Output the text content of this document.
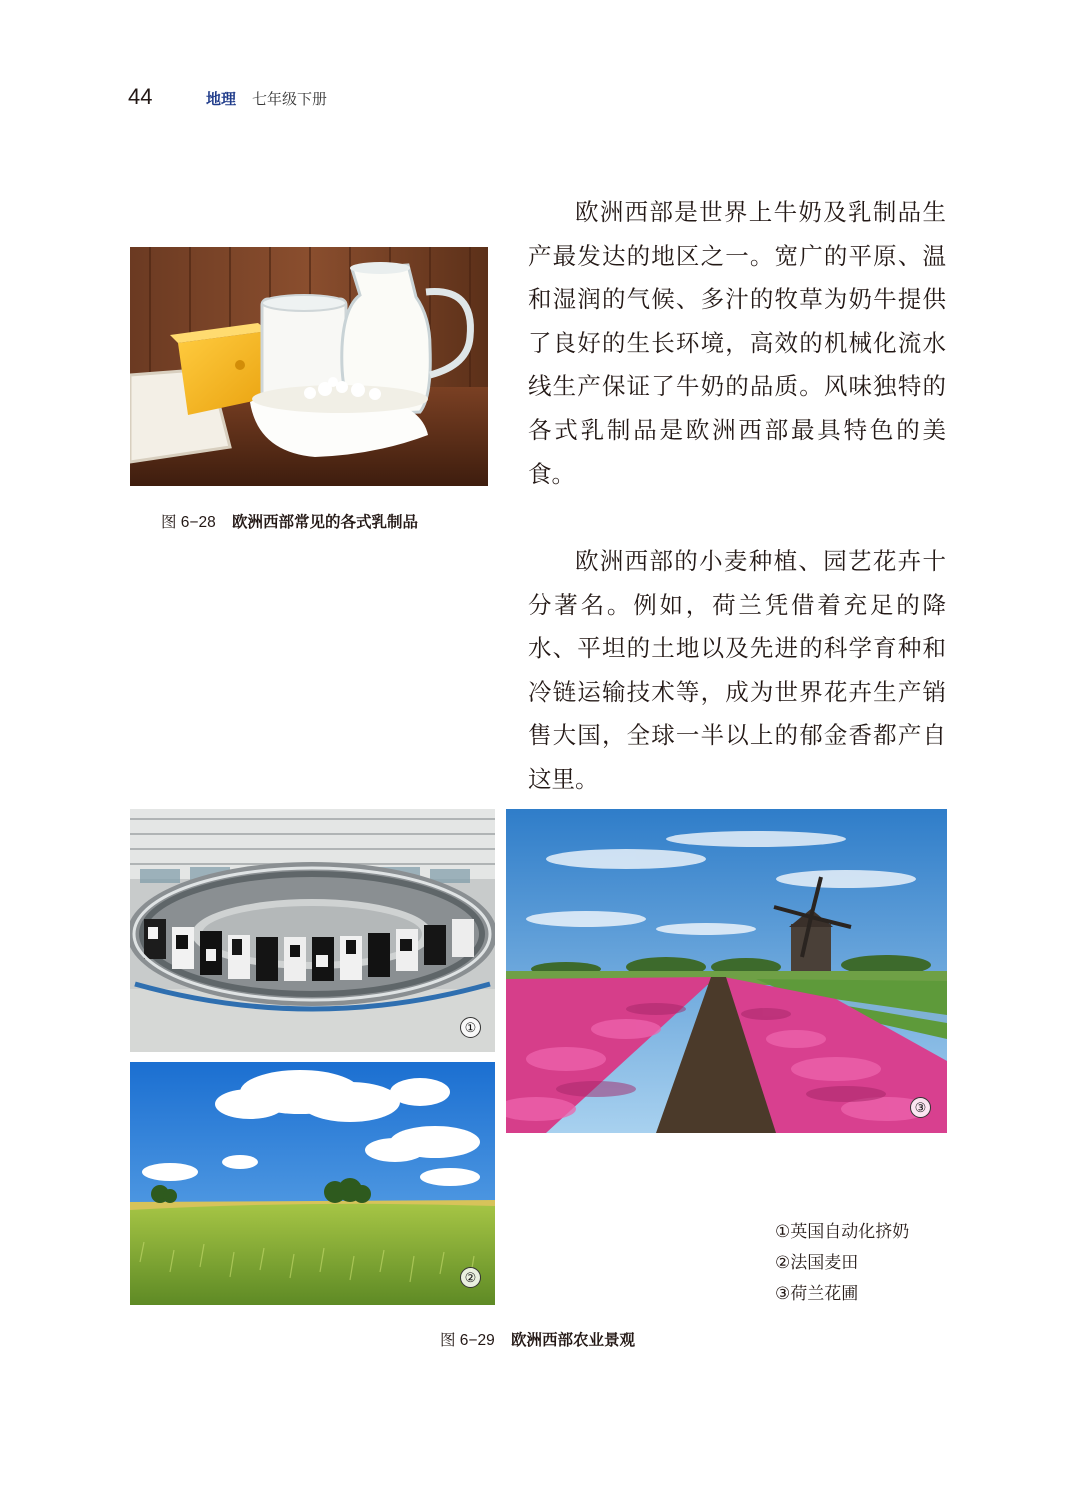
44	地理 七年级下册

欧洲西部是世界上牛奶及乳制品生产最发达的地区之一。宽广的平原、温和湿润的气候、多汁的牧草为奶牛提供了良好的生长环境，高效的机械化流水线生产保证了牛奶的品质。风味独特的各式乳制品是欧洲西部最具特色的美食。

欧洲西部的小麦种植、园艺花卉十分著名。例如，荷兰凭借着充足的降水、平坦的土地以及先进的科学育种和冷链运输技术等，成为世界花卉生产销售大国，全球一半以上的郁金香都产自这里。

图 6−28 欧洲西部常见的各式乳制品
①
②
③
①英国自动化挤奶
②法国麦田
③荷兰花圃
图 6−29 欧洲西部农业景观
